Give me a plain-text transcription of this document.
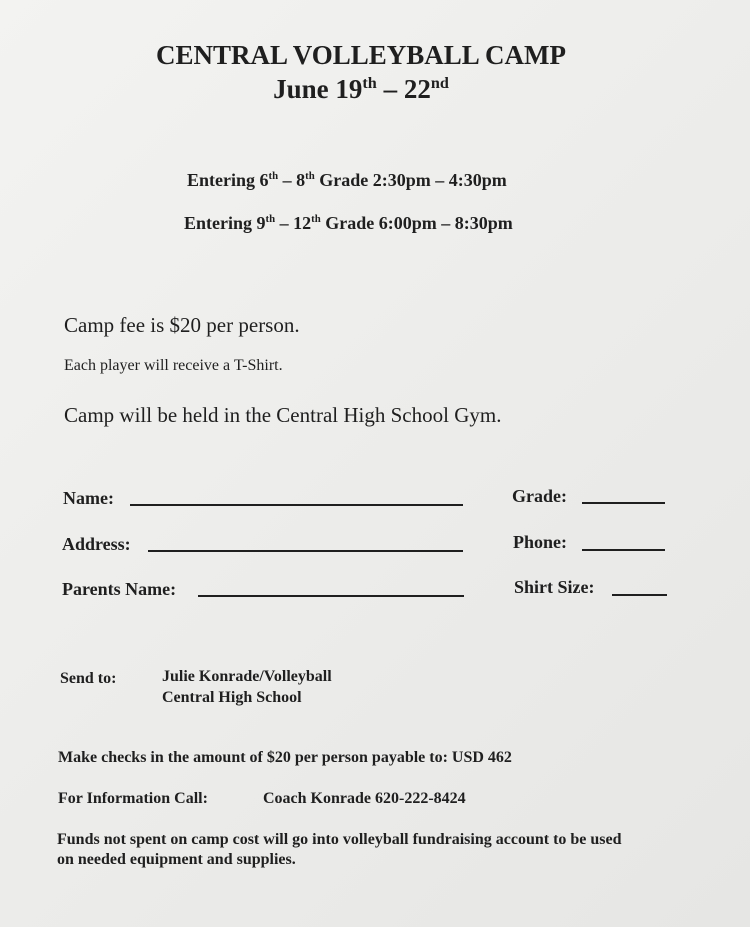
CENTRAL VOLLEYBALL CAMP
June 19th – 22nd
Entering 6th – 8th Grade 2:30pm – 4:30pm
Entering 9th – 12th Grade 6:00pm – 8:30pm
Camp fee is $20 per person.
Each player will receive a T-Shirt.
Camp will be held in the Central High School Gym.
Name:	Grade:
Address:	Phone:
Parents Name:	Shirt Size:
Send to:	Julie Konrade/Volleyball
Central High School
Make checks in the amount of $20 per person payable to: USD 462
For Information Call:	Coach Konrade 620-222-8424
Funds not spent on camp cost will go into volleyball fundraising account to be used
on needed equipment and supplies.
